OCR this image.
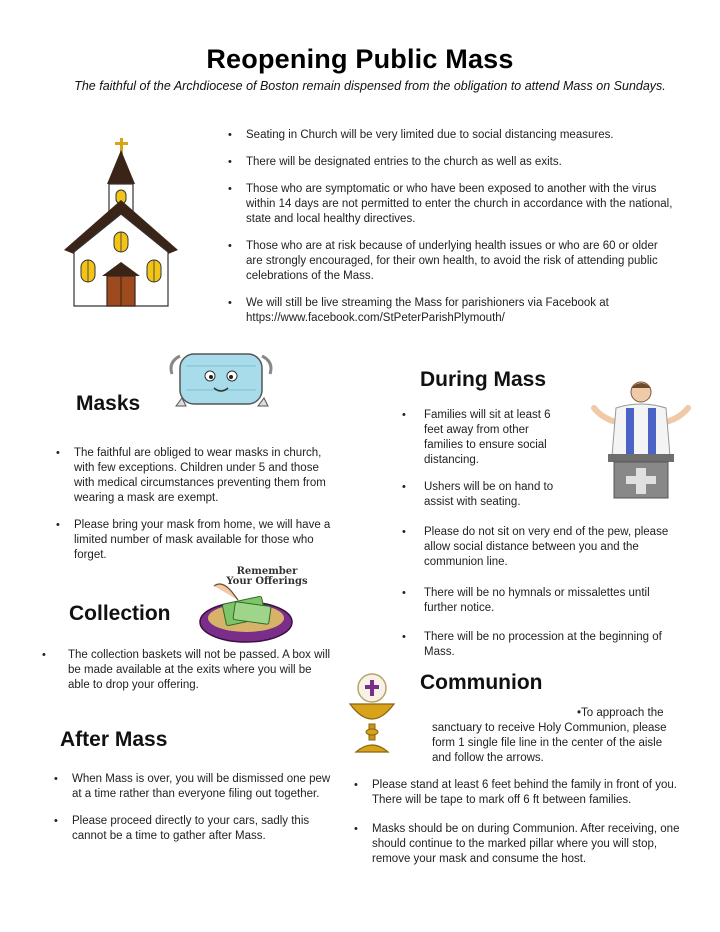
Reopening Public Mass
The faithful of the Archdiocese of Boston remain dispensed from the obligation to attend Mass on Sundays.
• Seating in Church will be very limited due to social distancing measures.
• There will be designated entries to the church as well as exits.
• Those who are symptomatic or who have been exposed to another with the virus within 14 days are not permitted to enter the church in accordance with the national, state and local healthy directives.
• Those who are at risk because of underlying health issues or who are 60 or older are strongly encouraged, for their own health, to avoid the risk of attending public celebrations of the Mass.
• We will still be live streaming the Mass for parishioners via Facebook at https://www.facebook.com/StPeterParishPlymouth/
Masks
• The faithful are obliged to wear masks in church, with few exceptions. Children under 5 and those with medical circumstances preventing them from wearing a mask are exempt.
• Please bring your mask from home, we will have a limited number of mask available for those who forget.
Remember Your Offerings
Collection
• The collection baskets will not be passed. A box will be made available at the exits where you will be able to drop your offering.
After Mass
• When Mass is over, you will be dismissed one pew at a time rather than everyone filing out together.
• Please proceed directly to your cars, sadly this cannot be a time to gather after Mass.
During Mass
• Families will sit at least 6 feet away from other families to ensure social distancing.
• Ushers will be on hand to assist with seating.
• Please do not sit on very end of the pew, please allow social distance between you and the communion line.
• There will be no hymnals or missalettes until further notice.
• There will be no procession at the beginning of Mass.
Communion
•To approach the sanctuary to receive Holy Communion, please form 1 single file line in the center of the aisle and follow the arrows.
• Please stand at least 6 feet behind the family in front of you. There will be tape to mark off 6 ft between families.
• Masks should be on during Communion. After receiving, one should continue to the marked pillar where you will stop, remove your mask and consume the host.
